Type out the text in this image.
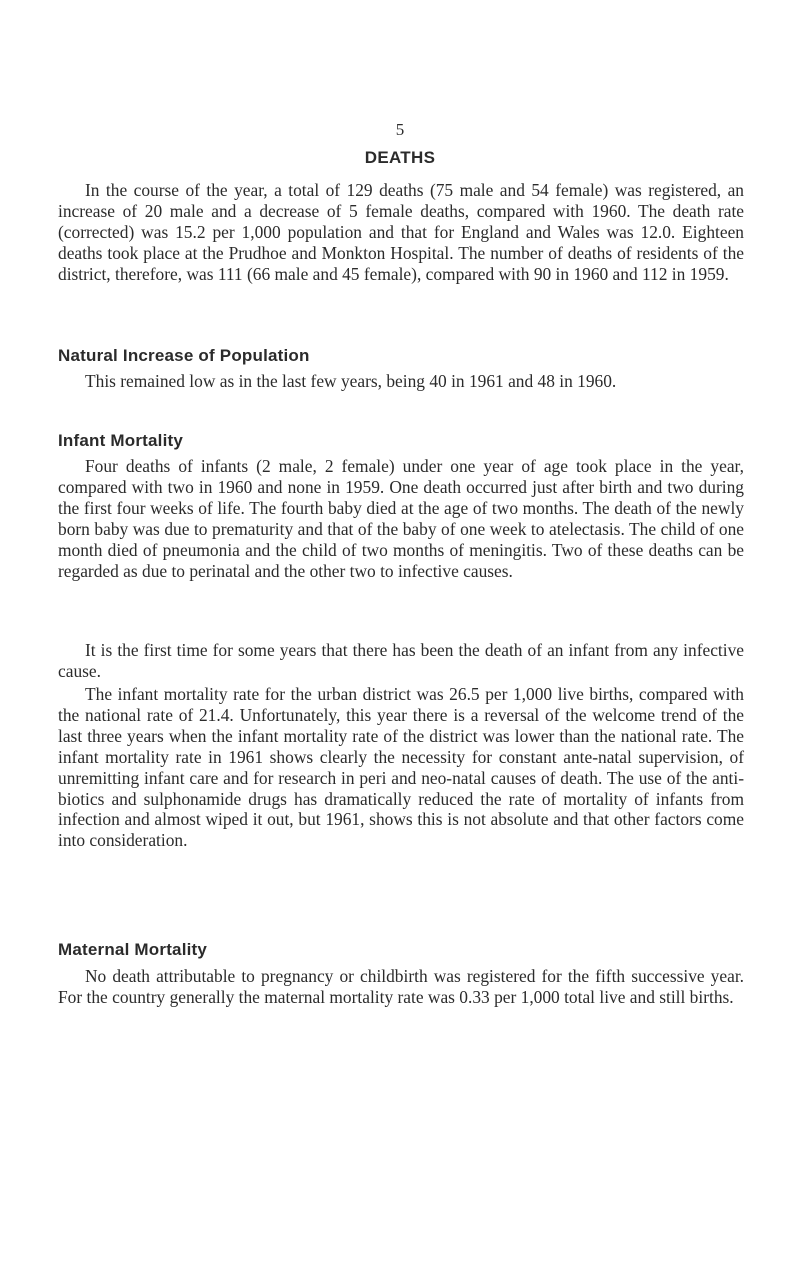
5
DEATHS

In the course of the year, a total of 129 deaths (75 male and 54 female) was registered, an increase of 20 male and a decrease of 5 female deaths, compared with 1960. The death rate (corrected) was 15.2 per 1,000 population and that for England and Wales was 12.0. Eighteen deaths took place at the Prudhoe and Monkton Hospital. The number of deaths of residents of the district, therefore, was 111 (66 male and 45 female), compared with 90 in 1960 and 112 in 1959.

Natural Increase of Population

This remained low as in the last few years, being 40 in 1961 and 48 in 1960.

Infant Mortality

Four deaths of infants (2 male, 2 female) under one year of age took place in the year, compared with two in 1960 and none in 1959. One death occurred just after birth and two during the first four weeks of life. The fourth baby died at the age of two months. The death of the newly born baby was due to prematurity and that of the baby of one week to atelectasis. The child of one month died of pneumonia and the child of two months of meningitis. Two of these deaths can be regarded as due to perinatal and the other two to infective causes.

It is the first time for some years that there has been the death of an infant from any infective cause.

The infant mortality rate for the urban district was 26.5 per 1,000 live births, compared with the national rate of 21.4. Unfortunately, this year there is a reversal of the welcome trend of the last three years when the infant mortality rate of the district was lower than the national rate. The infant mortality rate in 1961 shows clearly the necessity for constant ante-natal supervision, of unremitting infant care and for research in peri and neo-natal causes of death. The use of the anti-biotics and sulphonamide drugs has dramatically reduced the rate of mortality of infants from infection and almost wiped it out, but 1961, shows this is not absolute and that other factors come into consideration.

Maternal Mortality

No death attributable to pregnancy or childbirth was registered for the fifth successive year. For the country generally the maternal mortality rate was 0.33 per 1,000 total live and still births.
